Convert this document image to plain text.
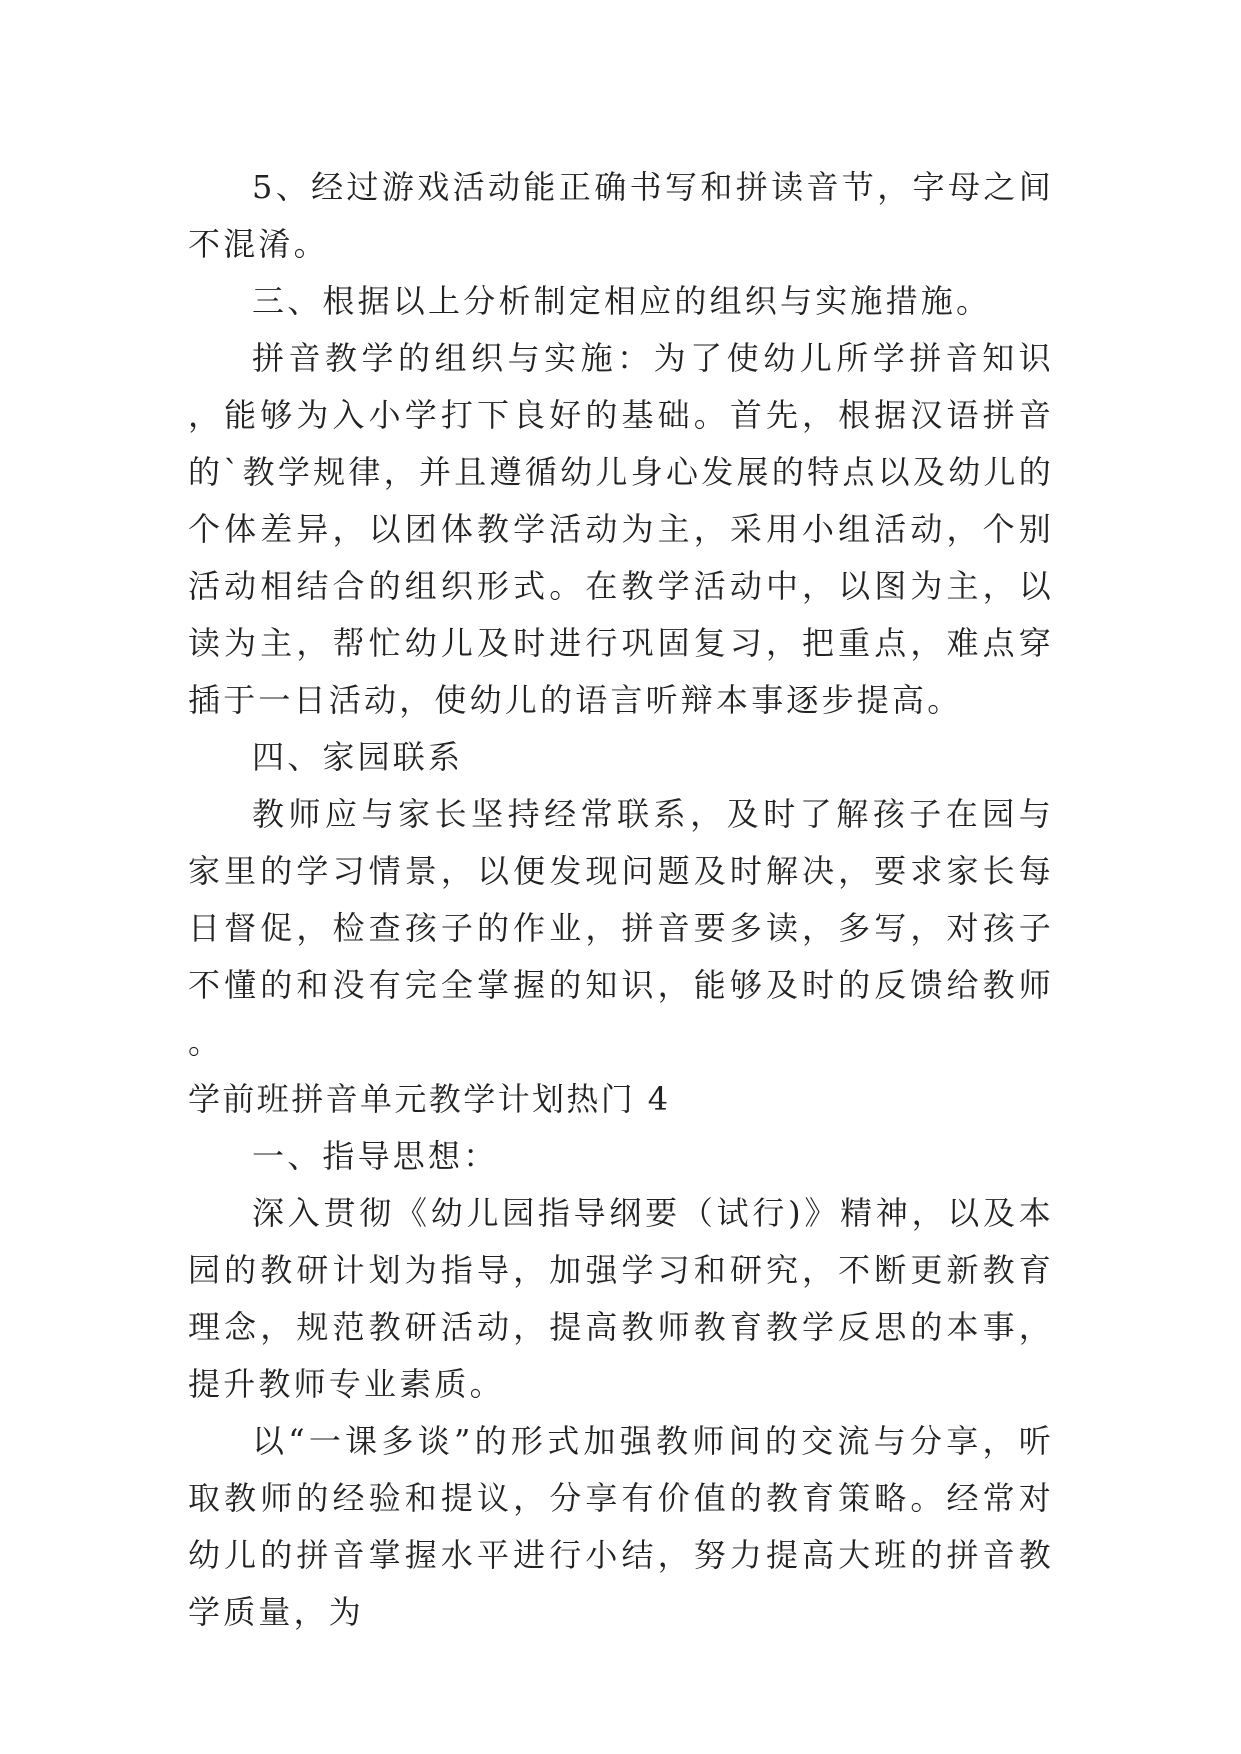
5、经过游戏活动能正确书写和拼读音节，字母之间不混淆。

三、根据以上分析制定相应的组织与实施措施。

拼音教学的组织与实施：为了使幼儿所学拼音知识，能够为入小学打下良好的基础。首先，根据汉语拼音的`教学规律，并且遵循幼儿身心发展的特点以及幼儿的个体差异，以团体教学活动为主，采用小组活动，个别活动相结合的组织形式。在教学活动中，以图为主，以读为主，帮忙幼儿及时进行巩固复习，把重点，难点穿插于一日活动，使幼儿的语言听辩本事逐步提高。

四、家园联系

教师应与家长坚持经常联系，及时了解孩子在园与家里的学习情景，以便发现问题及时解决，要求家长每日督促，检查孩子的作业，拼音要多读，多写，对孩子不懂的和没有完全掌握的知识，能够及时的反馈给教师。

学前班拼音单元教学计划热门 4

一、指导思想：

深入贯彻《幼儿园指导纲要（试行)》精神，以及本园的教研计划为指导，加强学习和研究，不断更新教育理念，规范教研活动，提高教师教育教学反思的本事，提升教师专业素质。

以“一课多谈”的形式加强教师间的交流与分享，听取教师的经验和提议，分享有价值的教育策略。经常对幼儿的拼音掌握水平进行小结，努力提高大班的拼音教学质量，为
